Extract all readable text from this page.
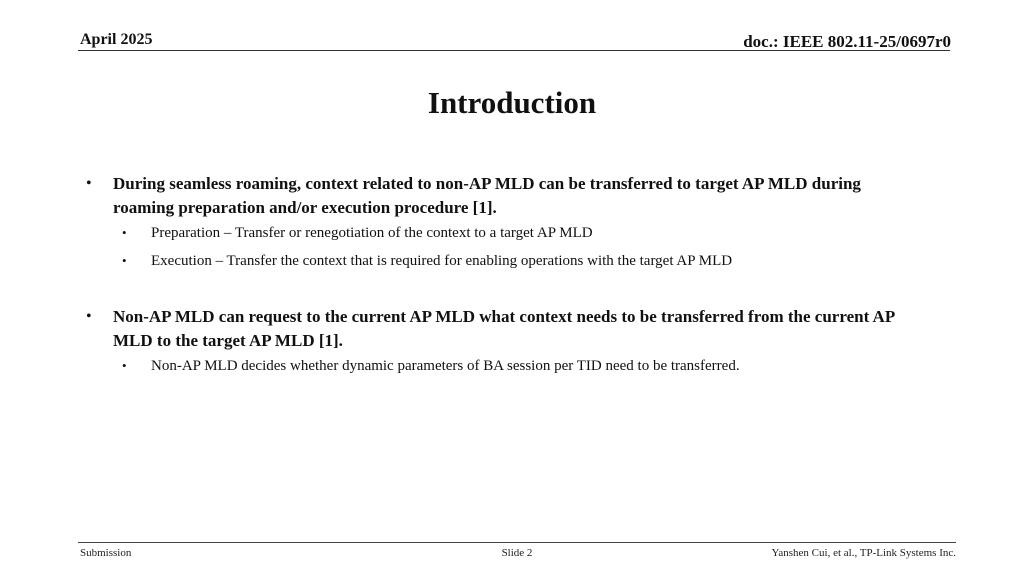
April 2025	doc.: IEEE 802.11-25/0697r0
Introduction
• During seamless roaming, context related to non-AP MLD can be transferred to target AP MLD during roaming preparation and/or execution procedure [1].
• Preparation – Transfer or renegotiation of the context to a target AP MLD
• Execution – Transfer the context that is required for enabling operations with the target AP MLD
• Non-AP MLD can request to the current AP MLD what context needs to be transferred from the current AP MLD to the target AP MLD [1].
• Non-AP MLD decides whether dynamic parameters of BA session per TID need to be transferred.
Submission	Slide 2	Yanshen Cui, et al., TP-Link Systems Inc.
